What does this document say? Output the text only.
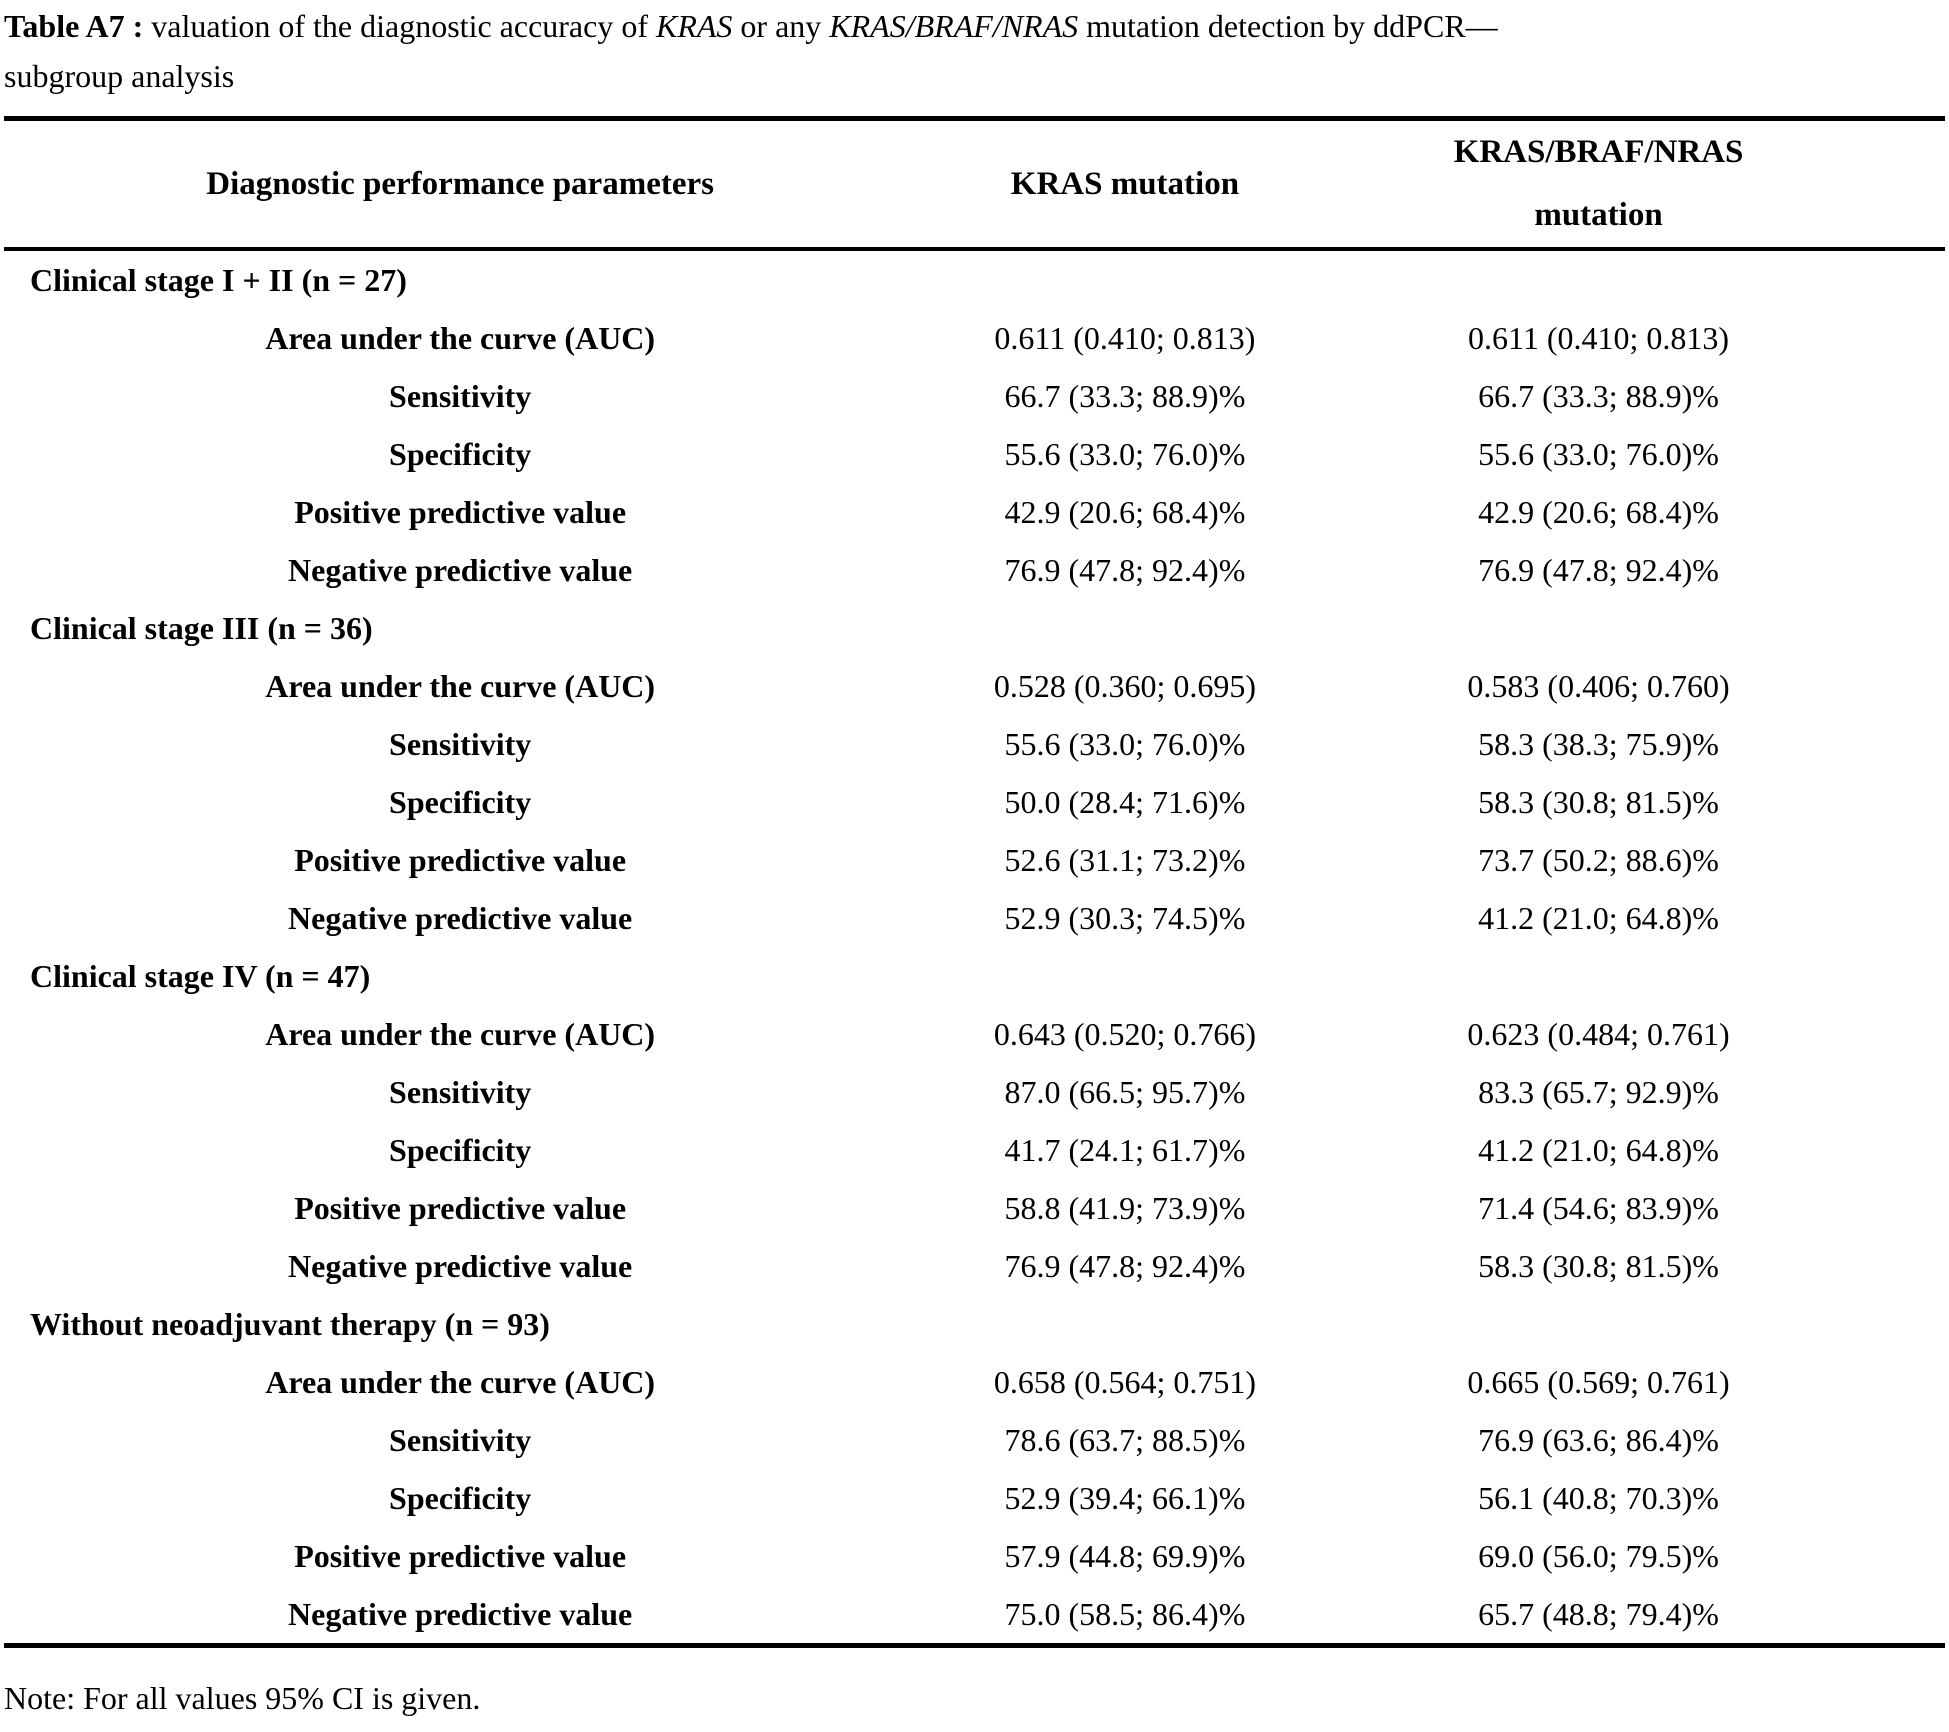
Table A7 : valuation of the diagnostic accuracy of KRAS or any KRAS/BRAF/NRAS mutation detection by ddPCR—
subgroup analysis

Diagnostic performance parameters	KRAS mutation	KRAS/BRAF/NRAS
mutation	
Clinical stage I + II (n = 27)			
Area under the curve (AUC)	0.611 (0.410; 0.813)	0.611 (0.410; 0.813)	
Sensitivity	66.7 (33.3; 88.9)%	66.7 (33.3; 88.9)%	
Specificity	55.6 (33.0; 76.0)%	55.6 (33.0; 76.0)%	
Positive predictive value	42.9 (20.6; 68.4)%	42.9 (20.6; 68.4)%	
Negative predictive value	76.9 (47.8; 92.4)%	76.9 (47.8; 92.4)%	
Clinical stage III (n = 36)			
Area under the curve (AUC)	0.528 (0.360; 0.695)	0.583 (0.406; 0.760)	
Sensitivity	55.6 (33.0; 76.0)%	58.3 (38.3; 75.9)%	
Specificity	50.0 (28.4; 71.6)%	58.3 (30.8; 81.5)%	
Positive predictive value	52.6 (31.1; 73.2)%	73.7 (50.2; 88.6)%	
Negative predictive value	52.9 (30.3; 74.5)%	41.2 (21.0; 64.8)%	
Clinical stage IV (n = 47)			
Area under the curve (AUC)	0.643 (0.520; 0.766)	0.623 (0.484; 0.761)	
Sensitivity	87.0 (66.5; 95.7)%	83.3 (65.7; 92.9)%	
Specificity	41.7 (24.1; 61.7)%	41.2 (21.0; 64.8)%	
Positive predictive value	58.8 (41.9; 73.9)%	71.4 (54.6; 83.9)%	
Negative predictive value	76.9 (47.8; 92.4)%	58.3 (30.8; 81.5)%	
Without neoadjuvant therapy (n = 93)			
Area under the curve (AUC)	0.658 (0.564; 0.751)	0.665 (0.569; 0.761)	
Sensitivity	78.6 (63.7; 88.5)%	76.9 (63.6; 86.4)%	
Specificity	52.9 (39.4; 66.1)%	56.1 (40.8; 70.3)%	
Positive predictive value	57.9 (44.8; 69.9)%	69.0 (56.0; 79.5)%	
Negative predictive value	75.0 (58.5; 86.4)%	65.7 (48.8; 79.4)%	

Note: For all values 95% CI is given.
